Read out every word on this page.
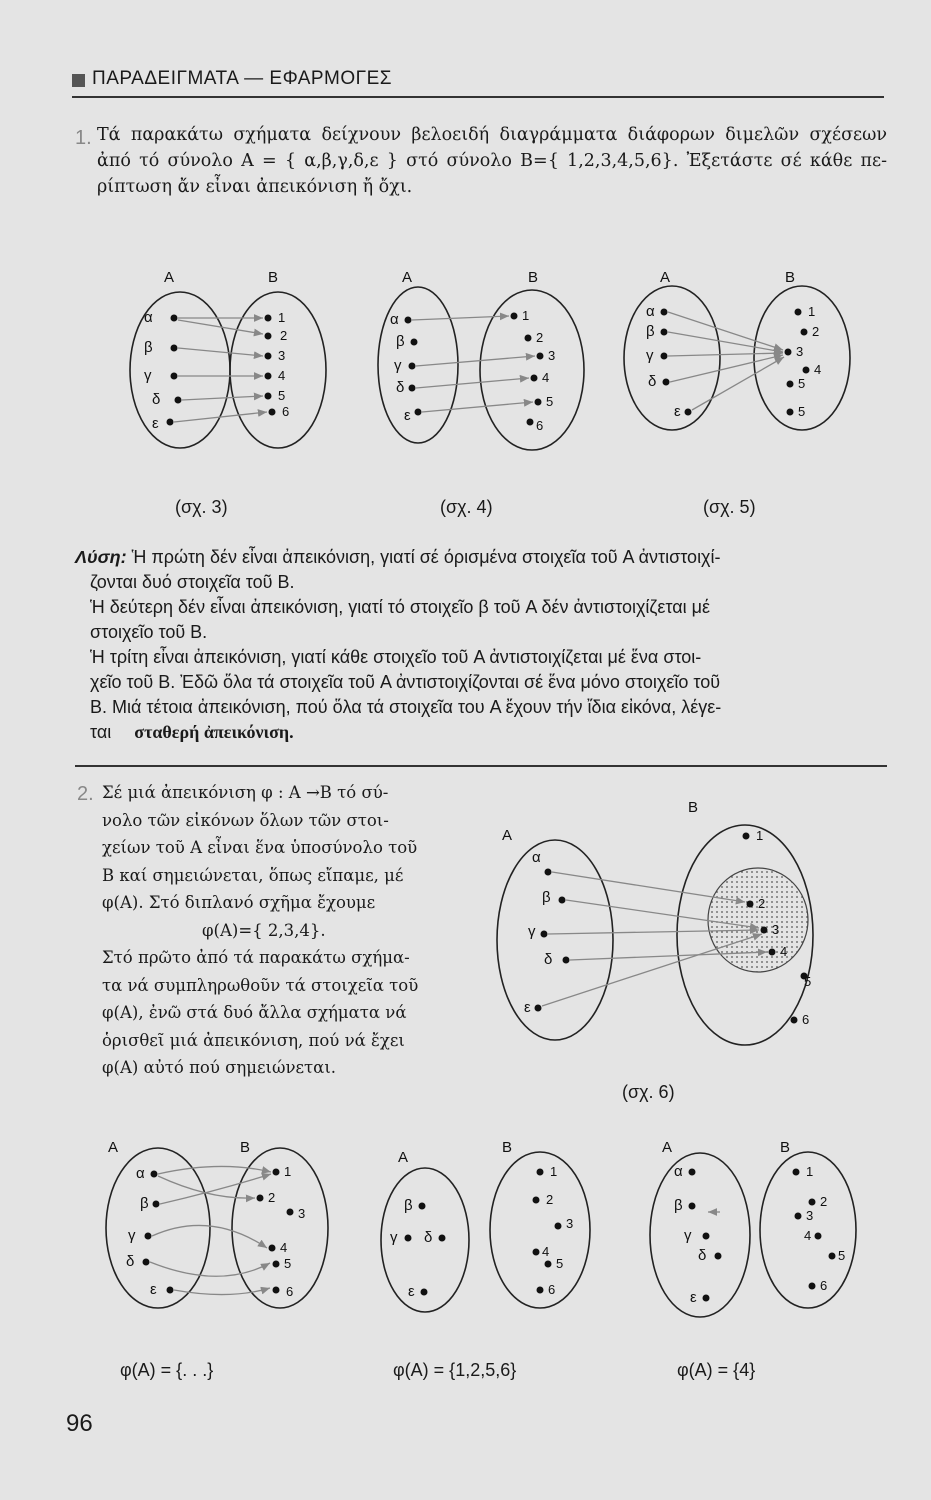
ΠΑΡΑΔΕΙΓΜΑΤΑ — ΕΦΑΡΜΟΓΕΣ
1. Τά παρακάτω σχήματα δείχνουν βελοειδή διαγράμματα διάφορων διμελῶν σχέσεων
ἀπό τό σύνολο A = { α,β,γ,δ,ε } στό σύνολο B={ 1,2,3,4,5,6}. Ἐξετάστε σέ κάθε πε-
ρίπτωση ἄν εἶναι ἀπεικόνιση ἤ ὄχι.
A	B
α
β
γ
δ
ε
1
2
3
4
5
6
A	B
α
β
γ
δ
ε
1
2
3
4
5
6
A	B
α
β
γ
δ
ε
1
2
3
4
5
5
(σχ. 3)	(σχ. 4)	(σχ. 5)
Λύση: Ἡ πρώτη δέν εἶναι ἀπεικόνιση, γιατί σέ όρισμένα στοιχεῖα τοῦ A ἀντιστοιχί-
ζονται δυό στοιχεῖα τοῦ B.
Ἡ δεύτερη δέν εἶναι ἀπεικόνιση, γιατί τό στοιχεῖο β τοῦ A δέν ἀντιστοιχίζεται μέ
στοιχεῖο τοῦ B.
Ἡ τρίτη εἶναι ἀπεικόνιση, γιατί κάθε στοιχεῖο τοῦ A ἀντιστοιχίζεται μέ ἕνα στοι-
χεῖο τοῦ B. Ἐδῶ ὅλα τά στοιχεῖα τοῦ A ἀντιστοιχίζονται σέ ἕνα μόνο στοιχεῖο τοῦ
B. Μιά τέτοια ἀπεικόνιση, πού ὅλα τά στοιχεῖα του A ἔχουν τήν ἴδια εἰκόνα, λέγε-
ται σταθερή ἀπεικόνιση.
2. Σέ μιά ἀπεικόνιση φ : A →B τό σύ-
νολο τῶν εἰκόνων ὅλων τῶν στοι-
χείων τοῦ A εἶναι ἕνα ὑποσύνολο τοῦ
B καί σημειώνεται, ὅπως εἴπαμε, μέ
φ(A). Στό διπλανό σχῆμα ἔχουμε
φ(A)={ 2,3,4}.
Στό πρῶτο ἀπό τά παρακάτω σχήμα-
τα νά συμπληρωθοῦν τά στοιχεῖα τοῦ
φ(A), ἐνῶ στά δυό ἄλλα σχήματα νά
ὁρισθεῖ μιά ἀπεικόνιση, πού νά ἔχει
φ(A) αὐτό πού σημειώνεται.
A
B
α
β
γ
δ
ε
1
2
3
4
5
6
(σχ. 6)
A	B
α
β
γ
δ
ε
1
2
3
4
5
6
A
B
β
γ δ
ε
1
2
3
4
5
6
A	B
α
β
γ
δ
ε
1
2
3
4
5
6
φ(A) = {. . .}	φ(A) = {1,2,5,6}	φ(A) = {4}
96
